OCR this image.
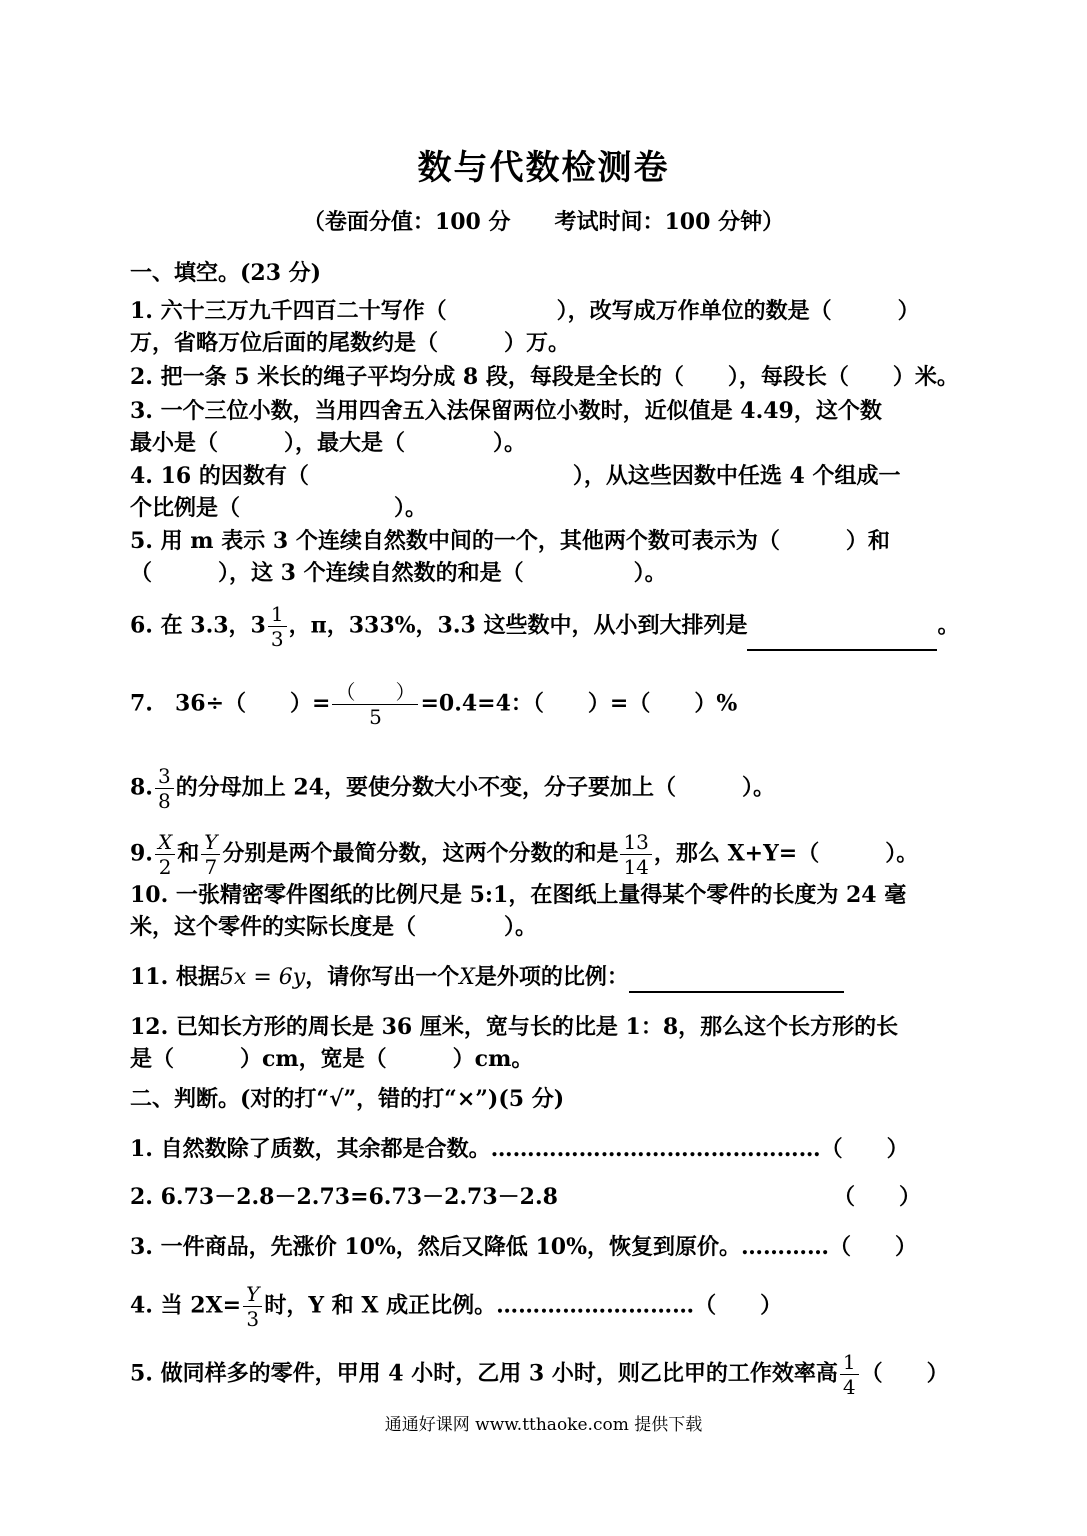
数与代数检测卷
（卷面分值：100 分　　考试时间：100 分钟）
一、填空。(23 分)
1. 六十三万九千四百二十写作（　　　　　），改写成万作单位的数是（　　　）
万，省略万位后面的尾数约是（　　　）万。
2. 把一条 5 米长的绳子平均分成 8 段，每段是全长的（　　），每段长（　　）米。
3. 一个三位小数，当用四舍五入法保留两位小数时，近似值是 4.49，这个数
最小是（　　　），最大是（　　　　）。
4. 16 的因数有（　　　　　　　　　　　　），从这些因数中任选 4 个组成一
个比例是（　　　　　　　）。
5. 用 m 表示 3 个连续自然数中间的一个，其他两个数可表示为（　　　）和
（　　　），这 3 个连续自然数的和是（　　　　　）。
6. 在 3.3，$3 \frac{1}{3}$ ，π，333%，3.3̇ 这些数中，从小到大排列是	。
7.　36÷（　　）= $\frac{( )}{5} =0.4=4$：（　　）=（　　）%
8. $\frac{3}{8}$ 的分母加上 24，要使分数大小不变，分子要加上（　　　）。
9. $\frac{X}{2}$ 和 $\frac{Y}{7}$ 分别是两个最简分数，这两个分数的和是 $\frac{13}{14}$ ，那么 X+Y=（　　　）。
10. 一张精密零件图纸的比例尺是 5:1，在图纸上量得某个零件的长度为 24 毫
米，这个零件的实际长度是（　　　　）。
11. 根据5x = 6y，请你写出一个X是外项的比例：
12. 已知长方形的周长是 36 厘米，宽与长的比是 1：8，那么这个长方形的长
是（　　　）cm，宽是（　　　）cm。
二、判断。(对的打“√”，错的打“×”)(5 分)
1. 自然数除了质数，其余都是合数。………………………………………（　　）
2. 6.73－2.8－2.73=6.73－2.73－2.8　　　　　　　　　　　　　（　　）
3. 一件商品，先涨价 10%，然后又降低 10%，恢复到原价。…………（　　）
4. 当 $2X= \frac{Y}{3}$ 时，Y 和 X 成正比例。………………………（　　）
5. 做同样多的零件，甲用 4 小时，乙用 3 小时，则乙比甲的工作效率高 $\frac{1}{4}$ （　　）
通通好课网 www.tthaoke.com 提供下载
